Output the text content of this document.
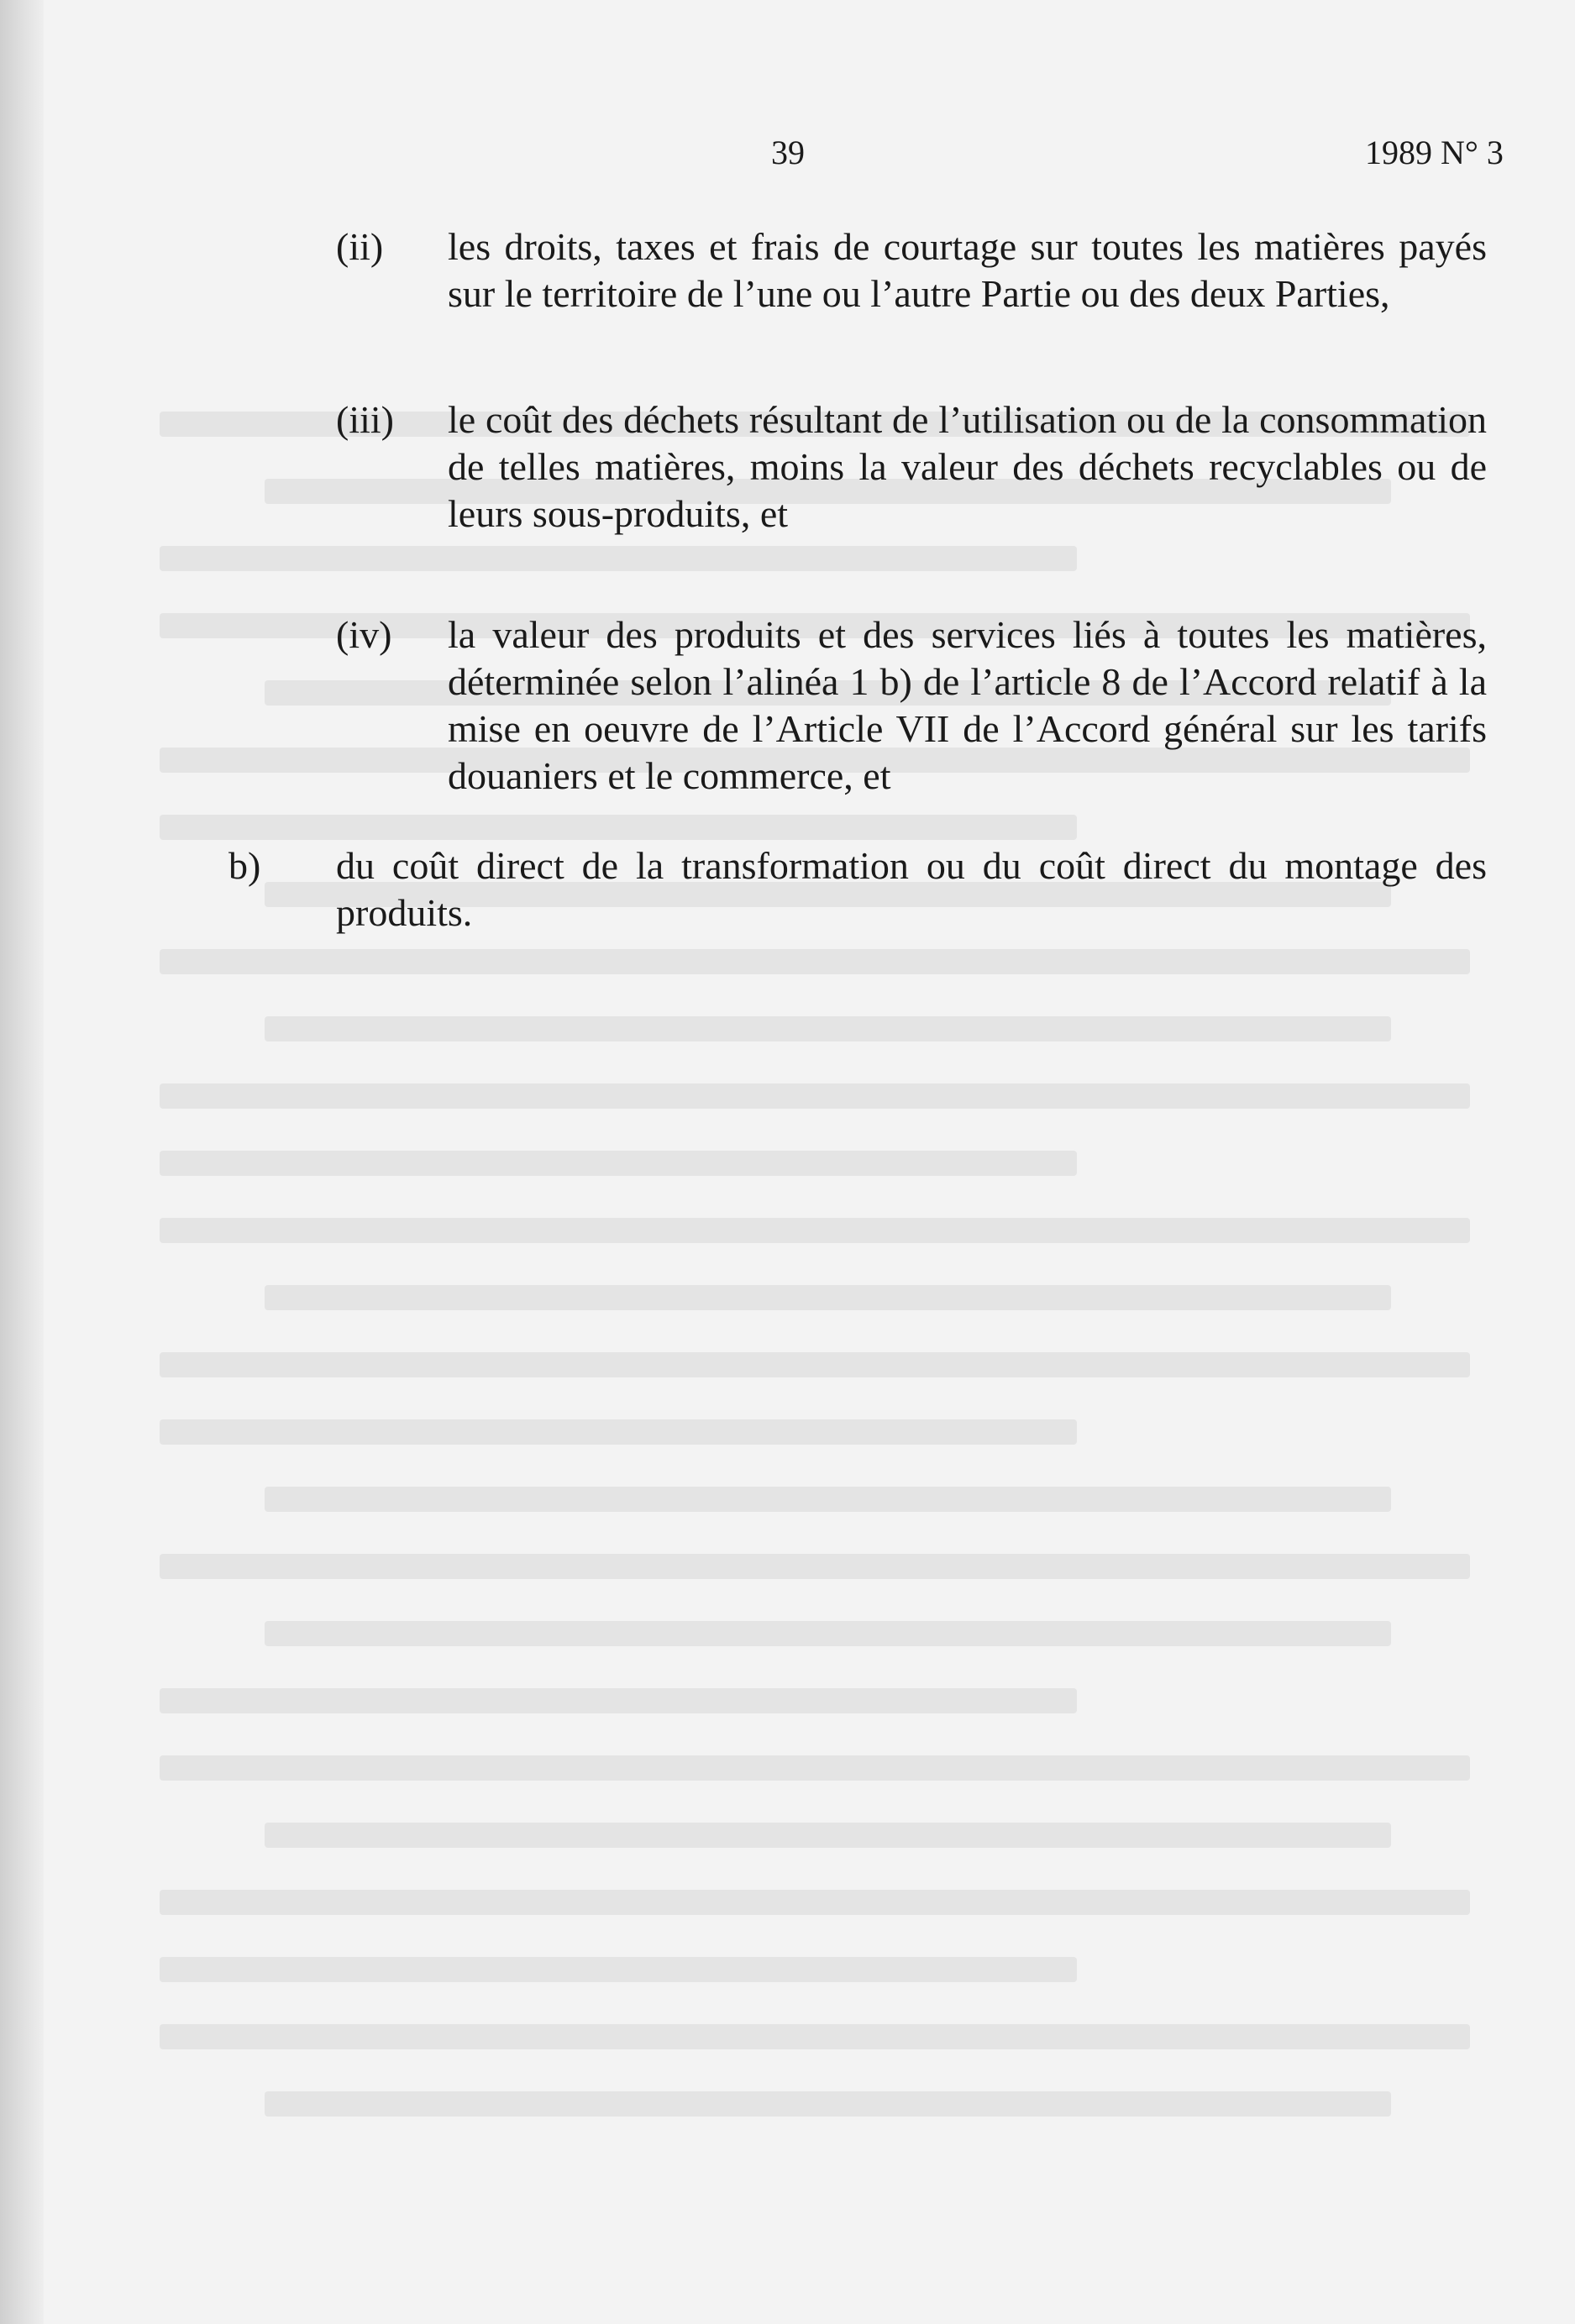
39	1989 N° 3
(ii) les droits, taxes et frais de courtage sur toutes les matières payés sur le territoire de l’une ou l’autre Partie ou des deux Parties,
(iii) le coût des déchets résultant de l’utilisation ou de la consommation de telles matières, moins la valeur des déchets recyclables ou de leurs sous-produits, et
(iv) la valeur des produits et des services liés à toutes les matières, déterminée selon l’alinéa 1 b) de l’article 8 de l’Accord relatif à la mise en oeuvre de l’Article VII de l’Accord général sur les tarifs douaniers et le commerce, et
b) du coût direct de la transformation ou du coût direct du montage des produits.
